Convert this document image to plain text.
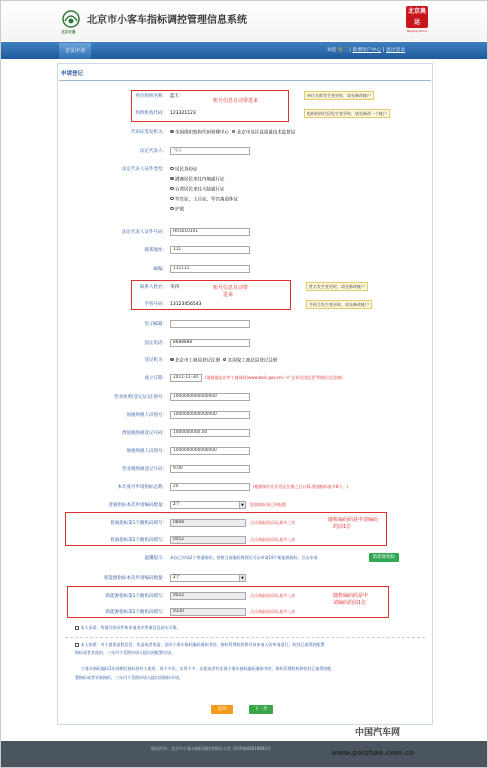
北京交通
北京市小客车指标调控管理信息系统
北京奥运
Beijing China
首页申请	欢迎 张三 | 新增用户中心 | 退出登录
申请登记
账号信息自动带进来
账号信息自动带
进来
随机编码码是申请编码
的前1位
随机编码码是申
请编码的前1位
单位组织名称： 蓝天	单位名称发生变更时，请先修改帐户
组织机构代码： 123321123	组织机构代码发生变更时，请先修改一个帐户
代码证签发机关：	全国组织机构代码管理中心 北京市及区县质量技术监督局
法定代表人：	马云
法定代表人证件类型：	居民身份证
港澳居民来往内地通行证
台湾居民来往大陆通行证
军官证、士兵证、军官离退休证
护照
法定代表人证件号码：	H01010101
联系地址：	111
邮编：	111111
联系人姓名： 李四	姓名发生变更时，请先修改帐户
手机号码： 13123456543	手机号发生变更时，请先修改帐户
电子邮箱：
固定电话：	8888888
登记机关：	北京市工商局登记注册 在国家工商总局登记注册
成立日期：	2011-11-30	(请根据北京市工商网站(www.baic.gov.cn)-->"企业信用信息"的相应信息填)
营业执照(登记证)注册号：	1000000000000000
国税纳税人识别号：	1000000000000000
增值税纳税登记号码：	1000000000.00
地税纳税人识别号：	1000000000000000
营业税纳税登记号码：	9.00
本年度可申请指标总数：	20	(根据单位在京登记注册之日计算,普通指标最多8个。)
普通指标本次申请编码数量：	2个	▼ 您如填本表已申报数
普通指标第1个随机码填写：	0808	点击获取验证码,最多三次
普通指标第2个随机码填写：	0452	点击获取验证码,最多三次
温馨提示： 本次已申请2个普通指标，按照当前编码规则还可以申请19个新能源指标，点击申请	新能源指标
新能源指标本次申请编码数量：	2个	▼
新能源指标第1个随机码填写：	0022	点击获取验证码,最多三次
新能源指标第2个随机码填写：	0330	点击获取验证码,最多三次
本人承诺：所填写的证件和申请表中所填信息真实可靠。
本人知悉：对于提供虚假信息，伪造或者变造、涂改小客车指标编码通知书的，指标管理机构将对该申请人的申请进行，收回已取得的配置
指标或者其他的，三年内不受理申请人提出的配置申请。
小客车指标编码1年到期后指标持有人使用，尚不多次，实用不多，出租或者有出借小客车指标编码通知书的，指标管理机构将收回已取得的配
置指标或者更新指标，三年内不受理申请人提出的指标申请。
返回	下一步
中国汽车网
版权所有：北京市小客车指标调控管理办公室 京ICP备06018692号
www.paizhao.com.cn
